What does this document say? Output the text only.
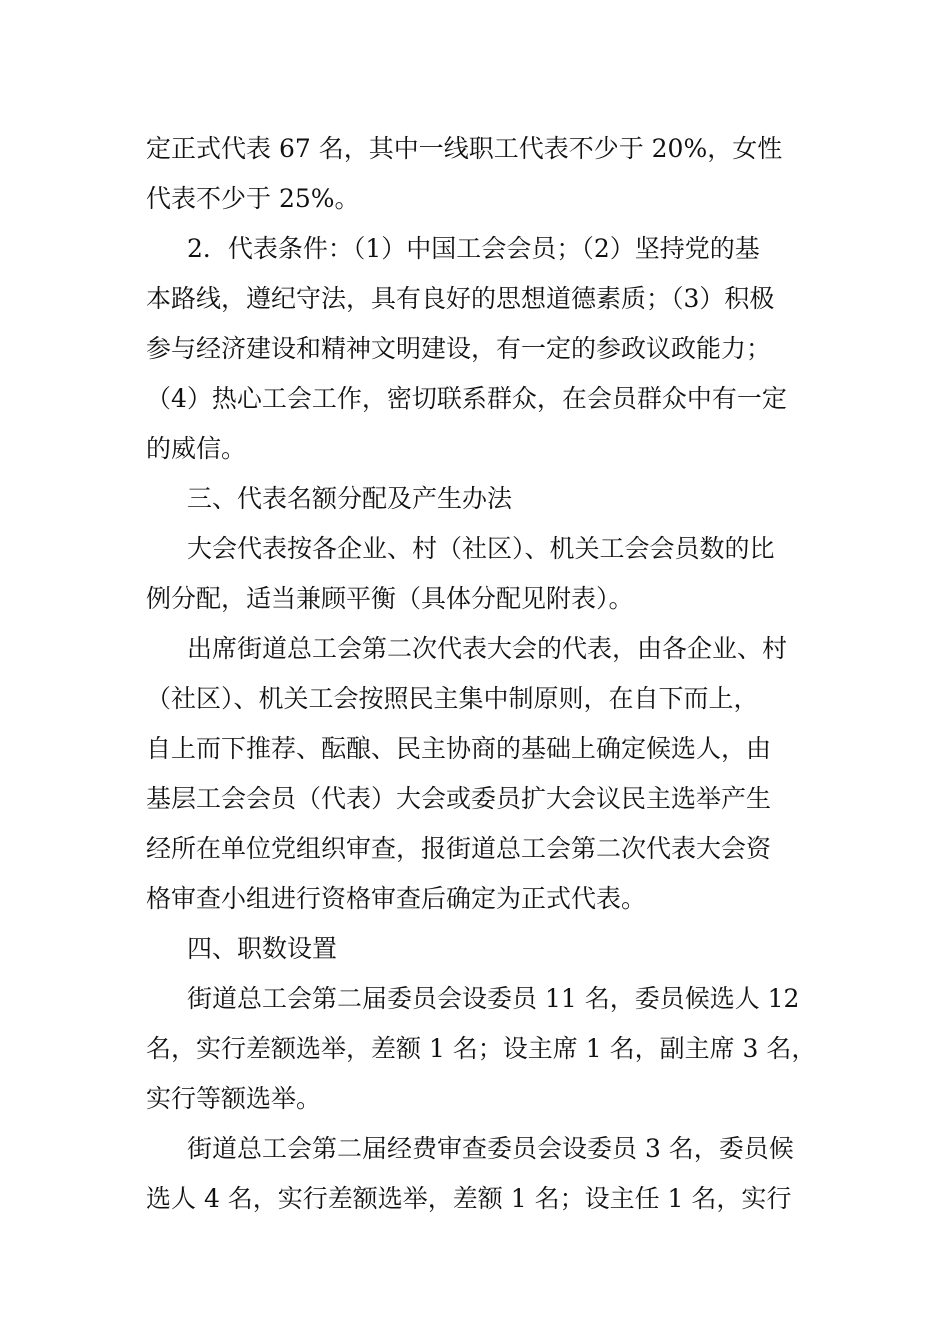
定正式代表 67 名，其中一线职工代表不少于 20%，女性
代表不少于 25%。
2．代表条件：（1）中国工会会员；（2）坚持党的基
本路线，遵纪守法，具有良好的思想道德素质；（3）积极
参与经济建设和精神文明建设，有一定的参政议政能力；
（4）热心工会工作，密切联系群众，在会员群众中有一定
的威信。
三、代表名额分配及产生办法
大会代表按各企业、村（社区）、机关工会会员数的比
例分配，适当兼顾平衡（具体分配见附表）。
出席街道总工会第二次代表大会的代表，由各企业、村
（社区）、机关工会按照民主集中制原则，在自下而上，
自上而下推荐、酝酿、民主协商的基础上确定候选人，由
基层工会会员（代表）大会或委员扩大会议民主选举产生
经所在单位党组织审查，报街道总工会第二次代表大会资
格审查小组进行资格审查后确定为正式代表。
四、职数设置
街道总工会第二届委员会设委员 11 名，委员候选人 12
名，实行差额选举，差额 1 名；设主席 1 名，副主席 3 名，
实行等额选举。
街道总工会第二届经费审查委员会设委员 3 名，委员候
选人 4 名，实行差额选举，差额 1 名；设主任 1 名，实行
